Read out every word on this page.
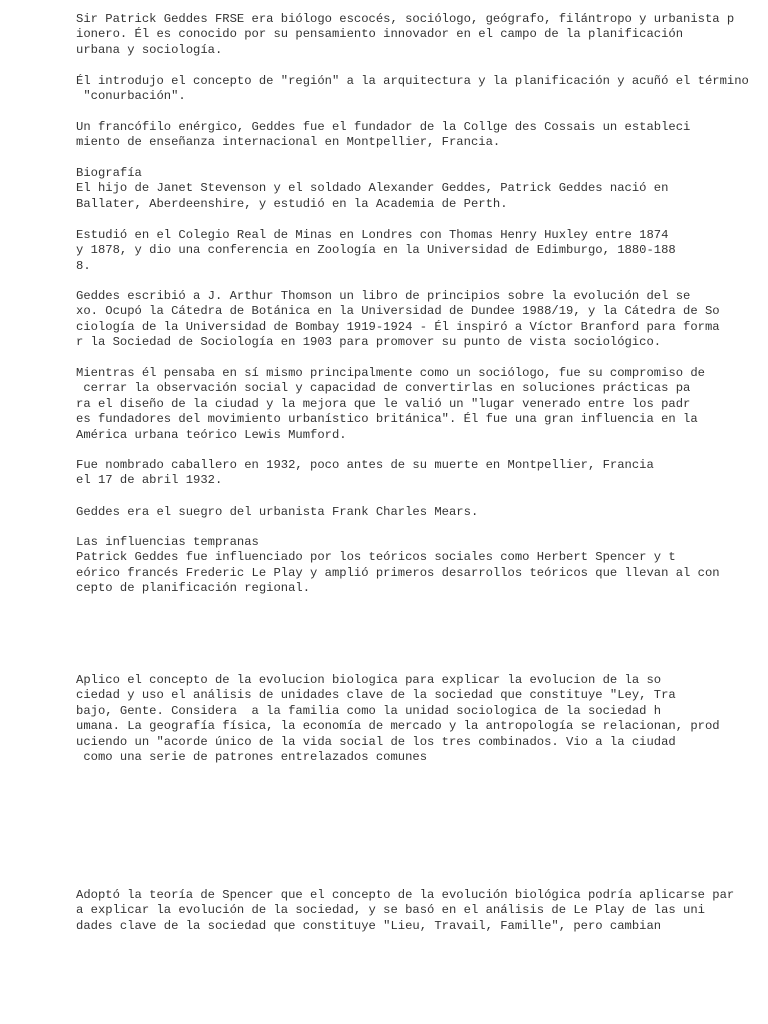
Sir Patrick Geddes FRSE era biólogo escocés, sociólogo, geógrafo, filántropo y urbanista p
ionero. Él es conocido por su pensamiento innovador en el campo de la planificación
urbana y sociología.

Él introdujo el concepto de "región" a la arquitectura y la planificación y acuñó el término
"conurbación".

Un francófilo enérgico, Geddes fue el fundador de la Collge des Cossais un estableci
miento de enseñanza internacional en Montpellier, Francia.

Biografía
El hijo de Janet Stevenson y el soldado Alexander Geddes, Patrick Geddes nació en
Ballater, Aberdeenshire, y estudió en la Academia de Perth.

Estudió en el Colegio Real de Minas en Londres con Thomas Henry Huxley entre 1874
y 1878, y dio una conferencia en Zoología en la Universidad de Edimburgo, 1880-188
8.

Geddes escribió a J. Arthur Thomson un libro de principios sobre la evolución del se
xo. Ocupó la Cátedra de Botánica en la Universidad de Dundee 1988/19, y la Cátedra de So
ciología de la Universidad de Bombay 1919-1924 - Él inspiró a Víctor Branford para forma
r la Sociedad de Sociología en 1903 para promover su punto de vista sociológico.

Mientras él pensaba en sí mismo principalmente como un sociólogo, fue su compromiso de
cerrar la observación social y capacidad de convertirlas en soluciones prácticas pa
ra el diseño de la ciudad y la mejora que le valió un "lugar venerado entre los padr
es fundadores del movimiento urbanístico británica". Él fue una gran influencia en la
América urbana teórico Lewis Mumford.

Fue nombrado caballero en 1932, poco antes de su muerte en Montpellier, Francia
el 17 de abril 1932.

Geddes era el suegro del urbanista Frank Charles Mears.

Las influencias tempranas
Patrick Geddes fue influenciado por los teóricos sociales como Herbert Spencer y t
eórico francés Frederic Le Play y amplió primeros desarrollos teóricos que llevan al con
cepto de planificación regional.

Aplico el concepto de la evolucion biologica para explicar la evolucion de la so
ciedad y uso el análisis de unidades clave de la sociedad que constituye "Ley, Tra
bajo, Gente. Considera  a la familia como la unidad sociologica de la sociedad h
umana. La geografía física, la economía de mercado y la antropología se relacionan, prod
uciendo un "acorde único de la vida social de los tres combinados. Vio a la ciudad
como una serie de patrones entrelazados comunes

Adoptó la teoría de Spencer que el concepto de la evolución biológica podría aplicarse par
a explicar la evolución de la sociedad, y se basó en el análisis de Le Play de las uni
dades clave de la sociedad que constituye "Lieu, Travail, Famille", pero cambian
